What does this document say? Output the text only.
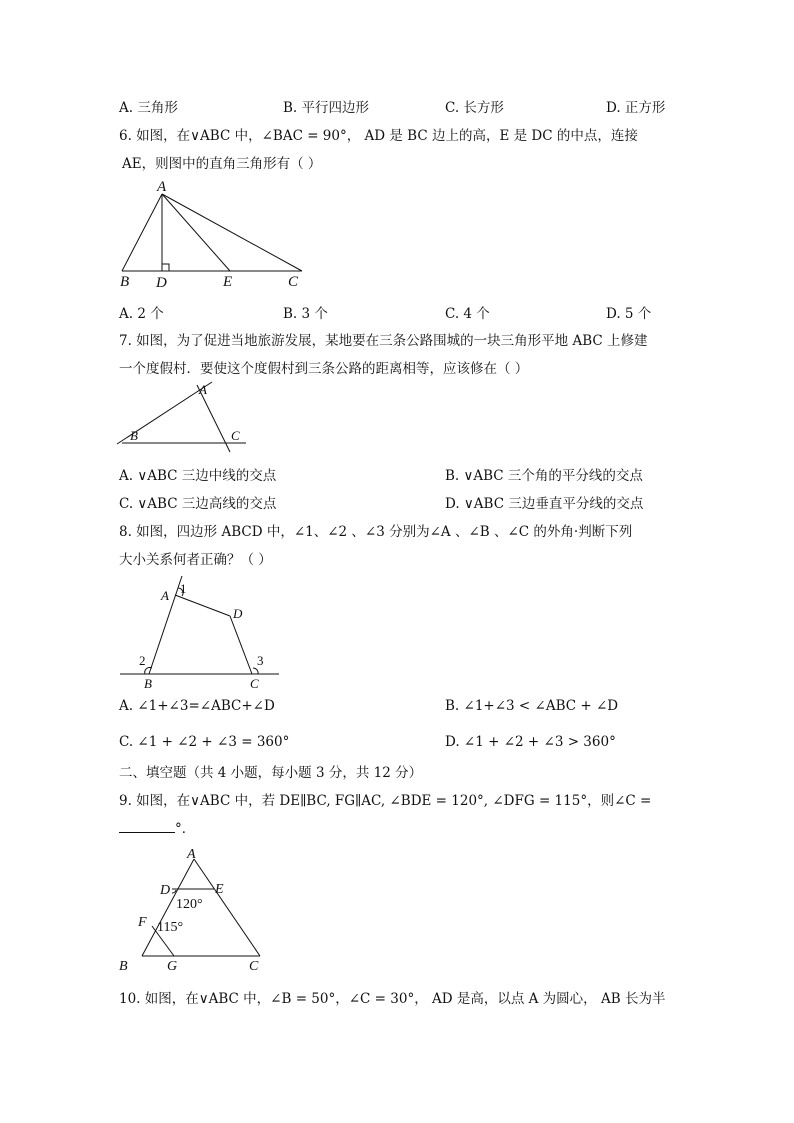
A. 三角形	B. 平行四边形	C. 长方形	D. 正方形
6. 如图，在∨ABC 中，∠BAC = 90°， AD 是 BC 边上的高，E 是 DC 的中点，连接
AE，则图中的直角三角形有（ ）
A
B D	E	C
A. 2 个	B. 3 个	C. 4 个	D. 5 个
7. 如图，为了促进当地旅游发展，某地要在三条公路围城的一块三角形平地 ABC 上修建
一个度假村．要使这个度假村到三条公路的距离相等，应该修在（ ）
A
B	C
A. ∨ABC 三边中线的交点	B. ∨ABC 三个角的平分线的交点
C. ∨ABC 三边高线的交点	D. ∨ABC 三边垂直平分线的交点
8. 如图，四边形 ABCD 中，∠1、∠2 、∠3 分别为∠A 、∠B 、∠C 的外角·判断下列
大小关系何者正确？（ ）
A 1
D
2	3
B	C
A. ∠1+∠3=∠ABC+∠D	B. ∠1+∠3 < ∠ABC + ∠D
C. ∠1 + ∠2 + ∠3 = 360°	D. ∠1 + ∠2 + ∠3 > 360°
二、填空题（共 4 小题，每小题 3 分，共 12 分）
9. 如图，在∨ABC 中，若 DE∥BC, FG∥AC, ∠BDE = 120°, ∠DFG = 115°，则∠C =
°．
A
D	E
120°
F 115°
B	G	C
10. 如图，在∨ABC 中，∠B = 50°，∠C = 30°， AD 是高，以点 A 为圆心， AB 长为半
